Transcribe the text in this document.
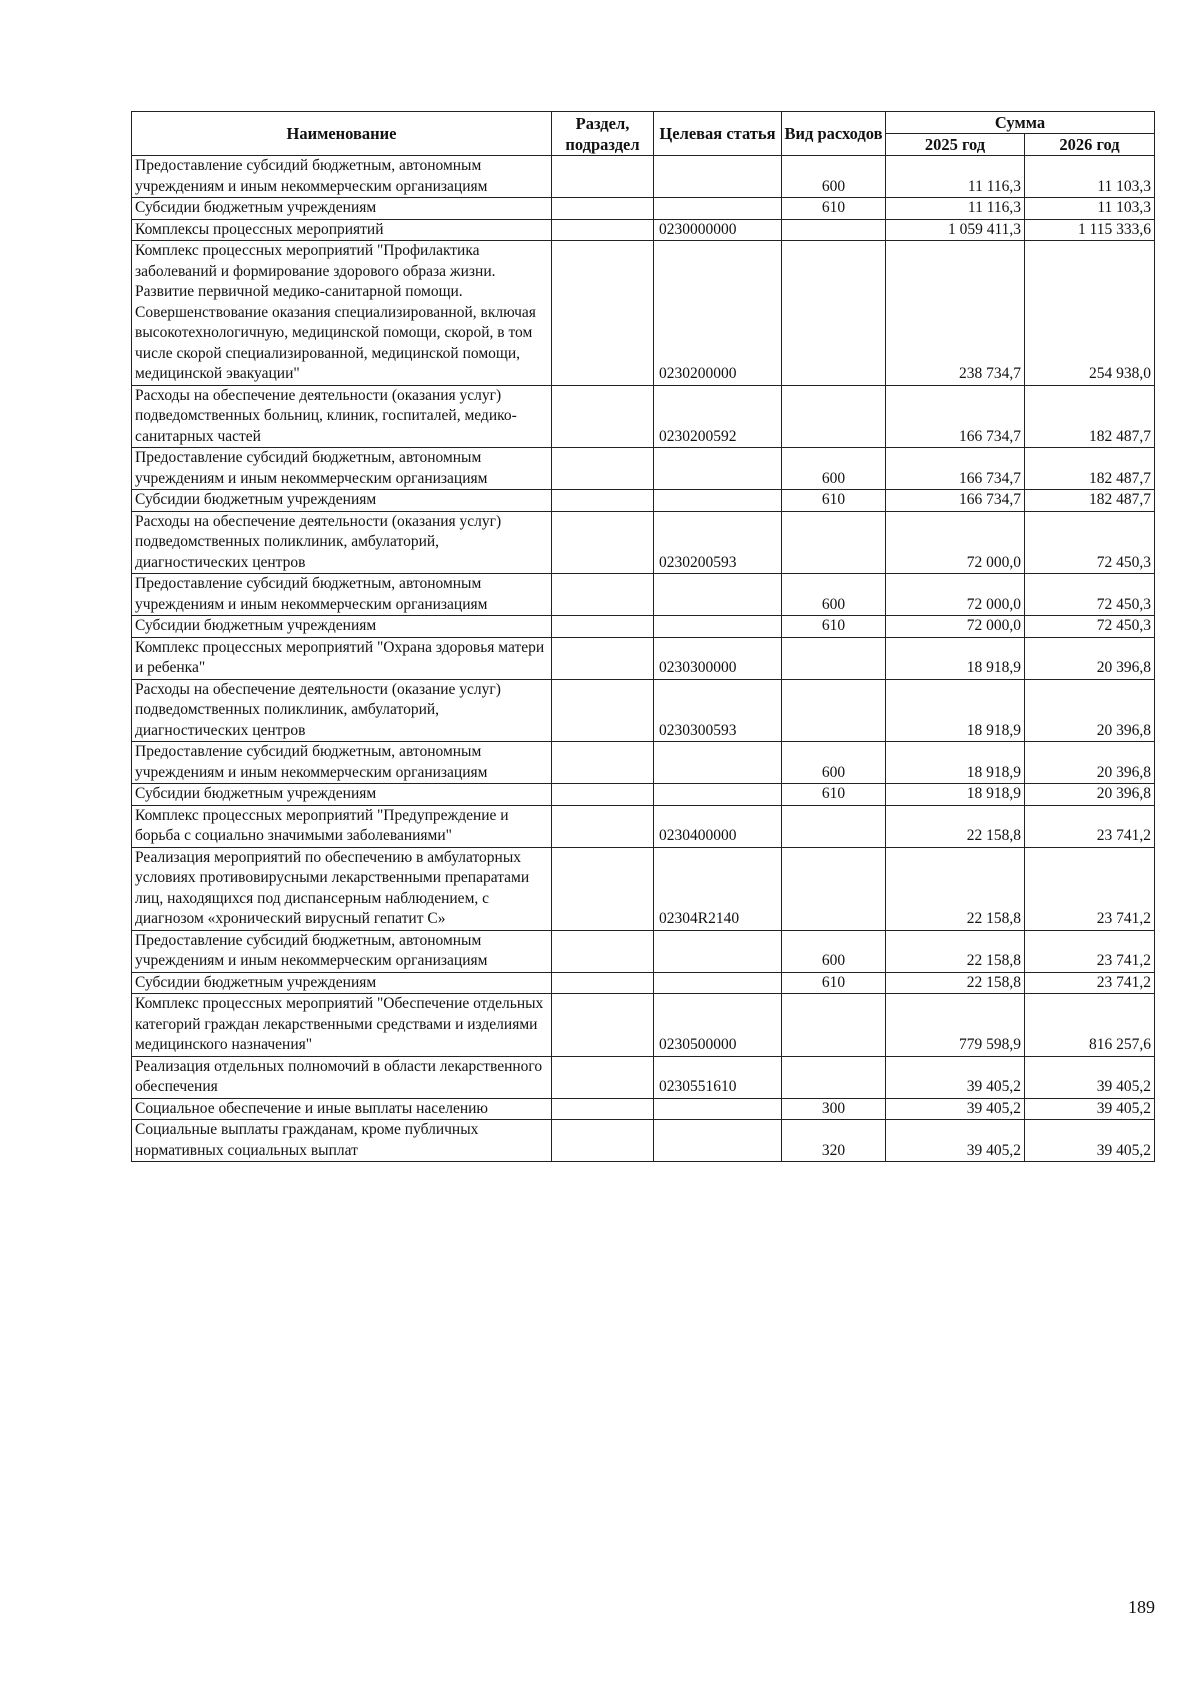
Наименование	Раздел, подраздел	Целевая статья	Вид расходов	Сумма	
				2025 год	2026 год
Предоставление субсидий бюджетным, автономным учреждениям и иным некоммерческим организациям			600	11 116,3	11 103,3
Субсидии бюджетным учреждениям			610	11 116,3	11 103,3
Комплексы процессных мероприятий		0230000000		1 059 411,3	1 115 333,6
Комплекс процессных мероприятий "Профилактика заболеваний и формирование здорового образа жизни. Развитие первичной медико-санитарной помощи. Совершенствование оказания специализированной, включая высокотехнологичную, медицинской помощи, скорой, в том числе скорой специализированной, медицинской помощи, медицинской эвакуации"		0230200000		238 734,7	254 938,0
Расходы на обеспечение деятельности (оказания услуг) подведомственных больниц, клиник, госпиталей, медико-санитарных частей		0230200592		166 734,7	182 487,7
Предоставление субсидий бюджетным, автономным учреждениям и иным некоммерческим организациям			600	166 734,7	182 487,7
Субсидии бюджетным учреждениям			610	166 734,7	182 487,7
Расходы на обеспечение деятельности (оказания услуг) подведомственных поликлиник, амбулаторий, диагностических центров		0230200593		72 000,0	72 450,3
Предоставление субсидий бюджетным, автономным учреждениям и иным некоммерческим организациям			600	72 000,0	72 450,3
Субсидии бюджетным учреждениям			610	72 000,0	72 450,3
Комплекс процессных мероприятий "Охрана здоровья матери и ребенка"		0230300000		18 918,9	20 396,8
Расходы на обеспечение деятельности (оказание услуг) подведомственных поликлиник, амбулаторий, диагностических центров		0230300593		18 918,9	20 396,8
Предоставление субсидий бюджетным, автономным учреждениям и иным некоммерческим организациям			600	18 918,9	20 396,8
Субсидии бюджетным учреждениям			610	18 918,9	20 396,8
Комплекс процессных мероприятий "Предупреждение и борьба с социально значимыми заболеваниями"		0230400000		22 158,8	23 741,2
Реализация мероприятий по обеспечению в амбулаторных условиях противовирусными лекарственными препаратами лиц, находящихся под диспансерным наблюдением, с диагнозом «хронический вирусный гепатит С»		02304R2140		22 158,8	23 741,2
Предоставление субсидий бюджетным, автономным учреждениям и иным некоммерческим организациям			600	22 158,8	23 741,2
Субсидии бюджетным учреждениям			610	22 158,8	23 741,2
Комплекс процессных мероприятий "Обеспечение отдельных категорий граждан лекарственными средствами и изделиями медицинского назначения"		0230500000		779 598,9	816 257,6
Реализация отдельных полномочий в области лекарственного обеспечения		0230551610		39 405,2	39 405,2
Социальное обеспечение и иные выплаты населению			300	39 405,2	39 405,2
Социальные выплаты гражданам, кроме публичных нормативных социальных выплат			320	39 405,2	39 405,2
189
